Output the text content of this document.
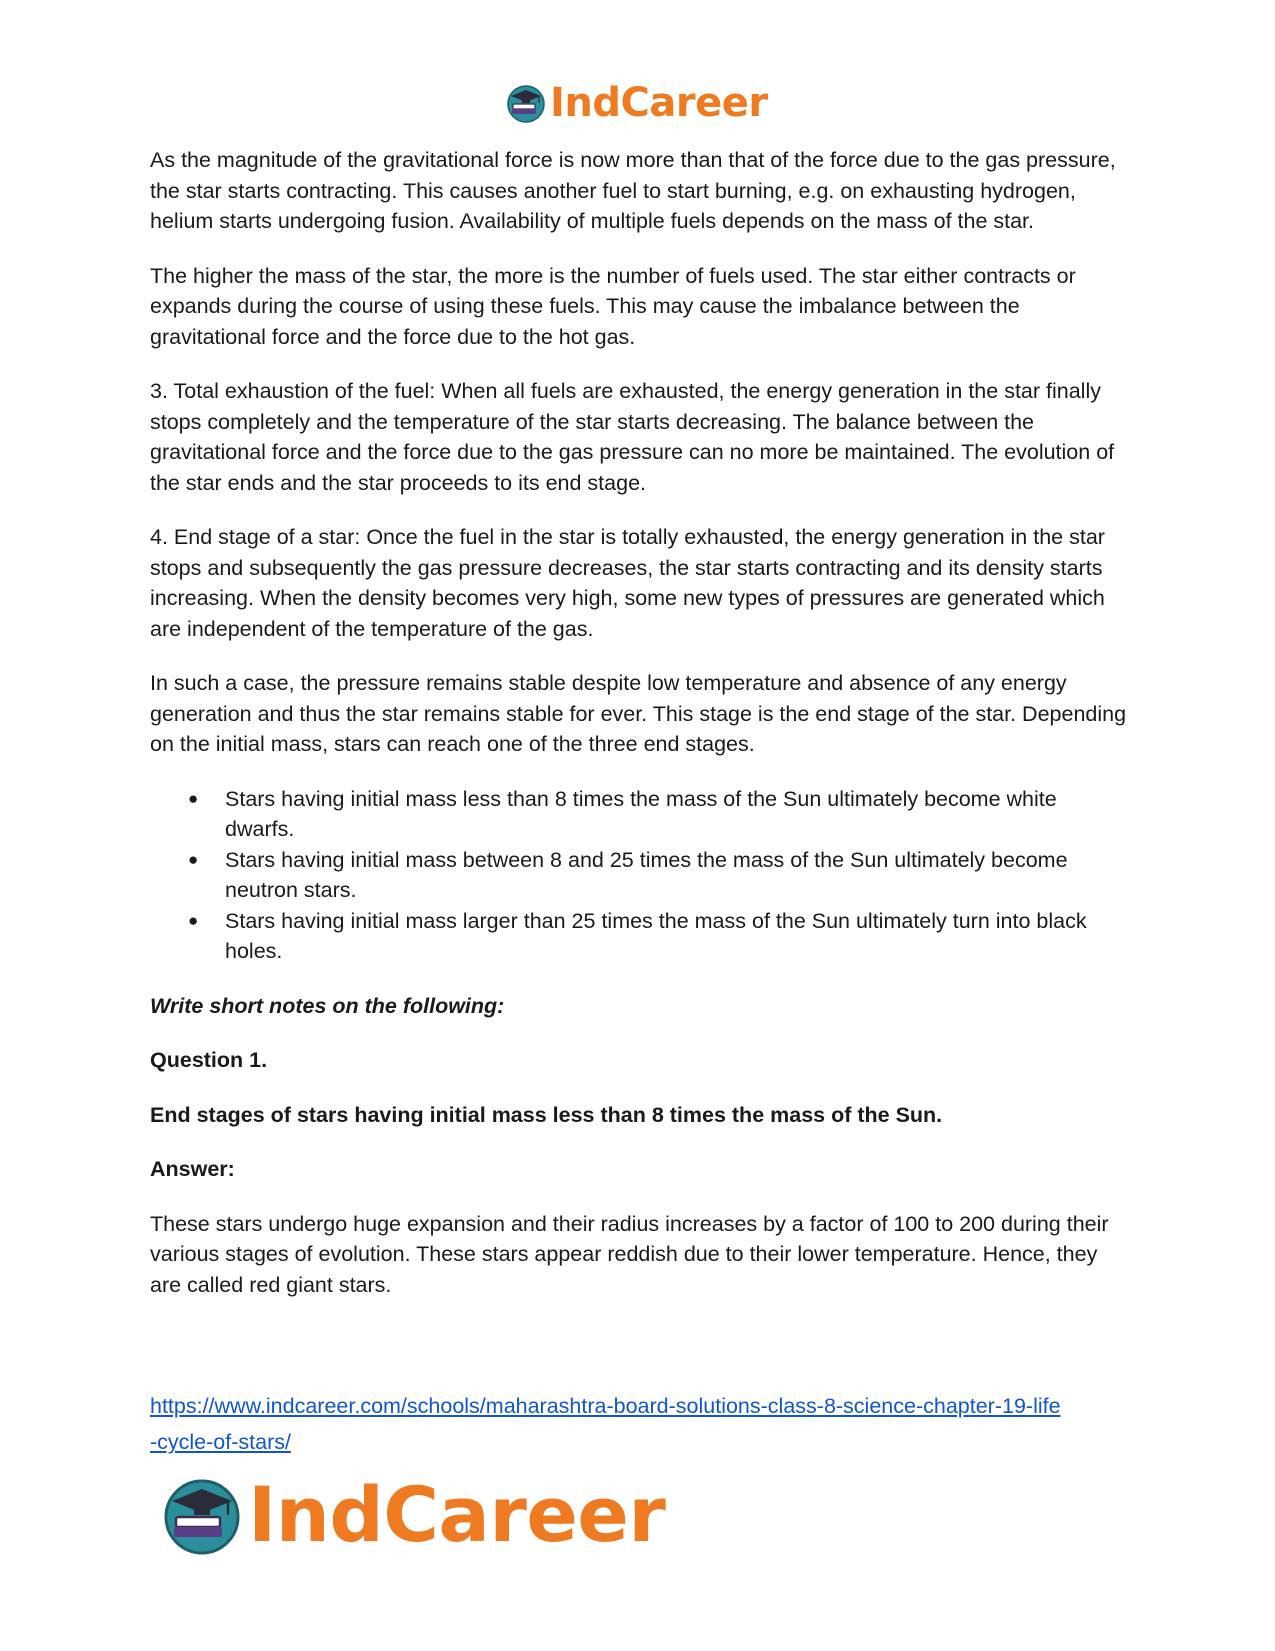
IndCareer

As the magnitude of the gravitational force is now more than that of the force due to the gas pressure, the star starts contracting. This causes another fuel to start burning, e.g. on exhausting hydrogen, helium starts undergoing fusion. Availability of multiple fuels depends on the mass of the star.

The higher the mass of the star, the more is the number of fuels used. The star either contracts or expands during the course of using these fuels. This may cause the imbalance between the gravitational force and the force due to the hot gas.

3. Total exhaustion of the fuel: When all fuels are exhausted, the energy generation in the star finally stops completely and the temperature of the star starts decreasing. The balance between the gravitational force and the force due to the gas pressure can no more be maintained. The evolution of the star ends and the star proceeds to its end stage.

4. End stage of a star: Once the fuel in the star is totally exhausted, the energy generation in the star stops and subsequently the gas pressure decreases, the star starts contracting and its density starts increasing. When the density becomes very high, some new types of pressures are generated which are independent of the temperature of the gas.

In such a case, the pressure remains stable despite low temperature and absence of any energy generation and thus the star remains stable for ever. This stage is the end stage of the star. Depending on the initial mass, stars can reach one of the three end stages.

● Stars having initial mass less than 8 times the mass of the Sun ultimately become white dwarfs.
● Stars having initial mass between 8 and 25 times the mass of the Sun ultimately become neutron stars.
● Stars having initial mass larger than 25 times the mass of the Sun ultimately turn into black holes.

Write short notes on the following:

Question 1.

End stages of stars having initial mass less than 8 times the mass of the Sun.

Answer:

These stars undergo huge expansion and their radius increases by a factor of 100 to 200 during their various stages of evolution. These stars appear reddish due to their lower temperature. Hence, they are called red giant stars.

https://www.indcareer.com/schools/maharashtra-board-solutions-class-8-science-chapter-19-life
-cycle-of-stars/
IndCareer
